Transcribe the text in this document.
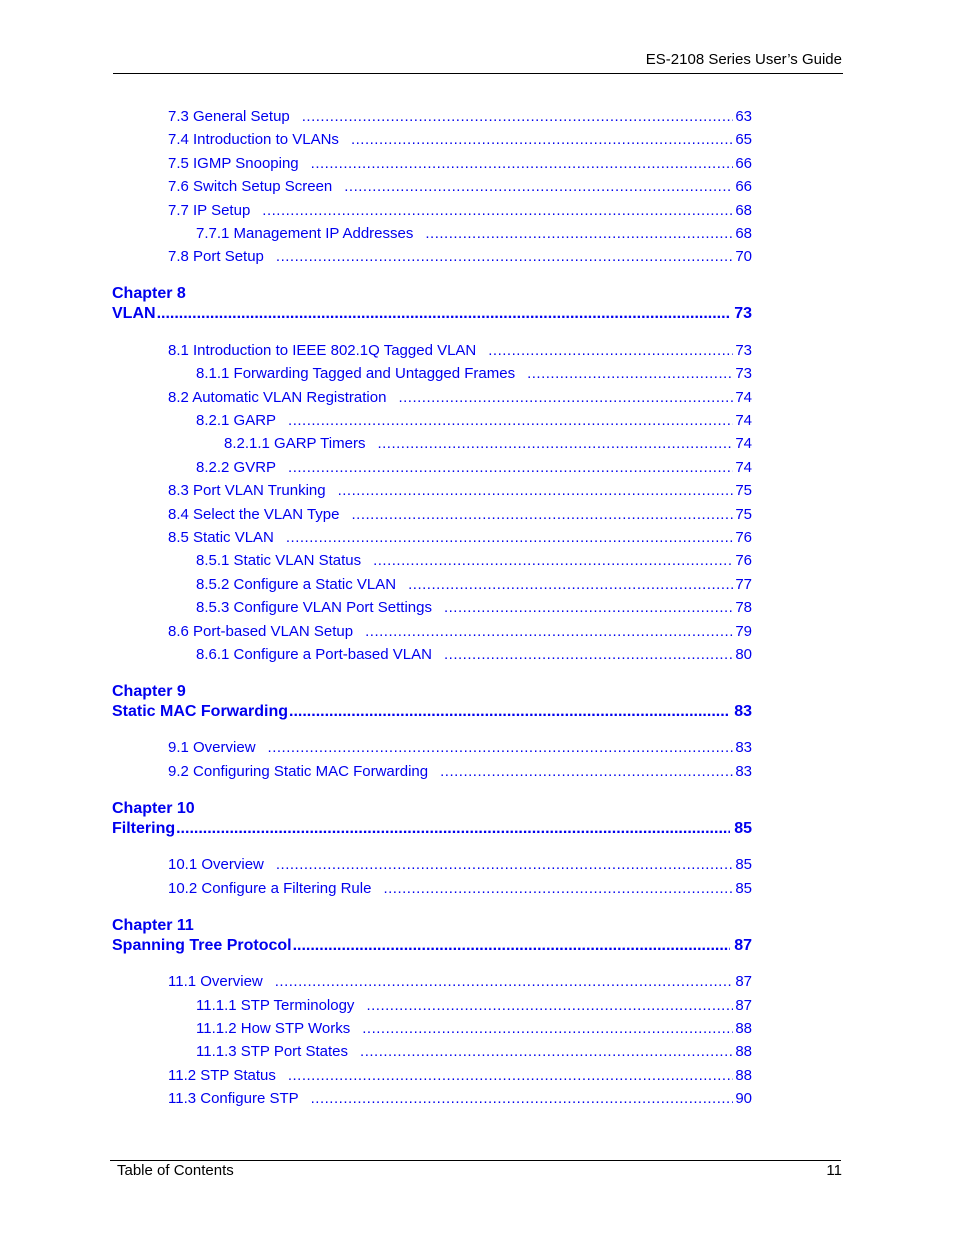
ES-2108 Series User’s Guide
7.3 General Setup .....	63
7.4 Introduction to VLANs .....	65
7.5 IGMP Snooping .....	66
7.6 Switch Setup Screen .....	66
7.7 IP Setup .....	68
7.7.1 Management IP Addresses .....	68
7.8 Port Setup .....	70
Chapter 8
VLAN .....	73
8.1 Introduction to IEEE 802.1Q Tagged VLAN .....	73
8.1.1 Forwarding Tagged and Untagged Frames .....	73
8.2 Automatic VLAN Registration .....	74
8.2.1 GARP .....	74
8.2.1.1 GARP Timers .....	74
8.2.2 GVRP .....	74
8.3 Port VLAN Trunking .....	75
8.4 Select the VLAN Type .....	75
8.5 Static VLAN .....	76
8.5.1 Static VLAN Status .....	76
8.5.2 Configure a Static VLAN .....	77
8.5.3 Configure VLAN Port Settings .....	78
8.6 Port-based VLAN Setup .....	79
8.6.1 Configure a Port-based VLAN .....	80
Chapter 9
Static MAC Forwarding .....	83
9.1 Overview .....	83
9.2 Configuring Static MAC Forwarding .....	83
Chapter 10
Filtering .....	85
10.1 Overview .....	85
10.2 Configure a Filtering Rule .....	85
Chapter 11
Spanning Tree Protocol .....	87
11.1 Overview .....	87
11.1.1 STP Terminology .....	87
11.1.2 How STP Works .....	88
11.1.3 STP Port States .....	88
11.2 STP Status .....	88
11.3 Configure STP .....	90
Table of Contents	11
